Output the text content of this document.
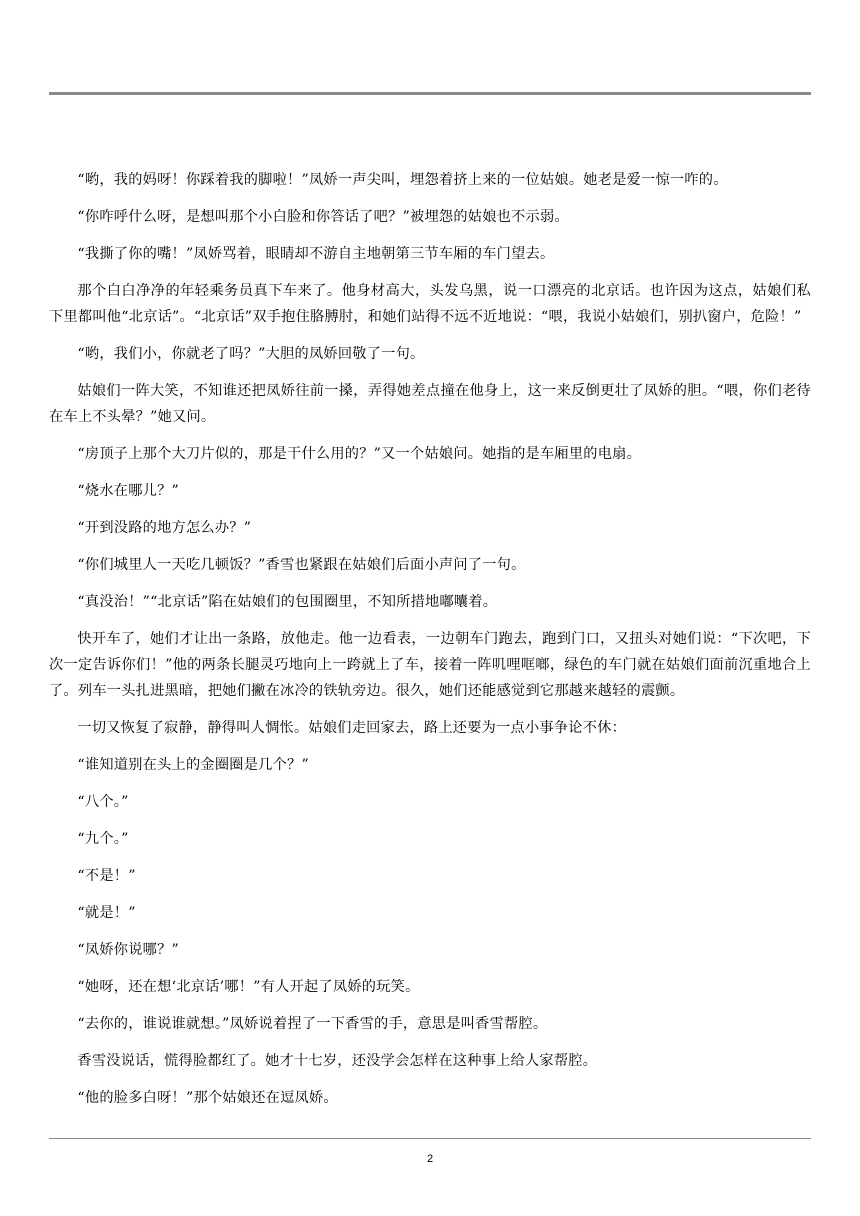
“哟，我的妈呀！你踩着我的脚啦！”凤娇一声尖叫，埋怨着挤上来的一位姑娘。她老是爱一惊一咋的。

“你咋呼什么呀，是想叫那个小白脸和你答话了吧？”被埋怨的姑娘也不示弱。

“我撕了你的嘴！”凤娇骂着，眼睛却不游自主地朝第三节车厢的车门望去。

那个白白净净的年轻乘务员真下车来了。他身材高大，头发乌黑，说一口漂亮的北京话。也许因为这点，姑娘们私下里都叫他“北京话”。“北京话”双手抱住胳膊肘，和她们站得不远不近地说：“喂，我说小姑娘们，别扒窗户，危险！”

“哟，我们小，你就老了吗？”大胆的凤娇回敬了一句。

姑娘们一阵大笑，不知谁还把凤娇往前一搡，弄得她差点撞在他身上，这一来反倒更壮了凤娇的胆。“喂，你们老待在车上不头晕？”她又问。

“房顶子上那个大刀片似的，那是干什么用的？”又一个姑娘问。她指的是车厢里的电扇。

“烧水在哪儿？”

“开到没路的地方怎么办？”

“你们城里人一天吃几顿饭？”香雪也紧跟在姑娘们后面小声问了一句。

“真没治！”“北京话”陷在姑娘们的包围圈里，不知所措地嘟囔着。

快开车了，她们才让出一条路，放他走。他一边看表，一边朝车门跑去，跑到门口，又扭头对她们说：“下次吧，下次一定告诉你们！”他的两条长腿灵巧地向上一跨就上了车，接着一阵叽哩哐啷，绿色的车门就在姑娘们面前沉重地合上了。列车一头扎进黑暗，把她们撇在冰冷的铁轨旁边。很久，她们还能感觉到它那越来越轻的震颤。

一切又恢复了寂静，静得叫人惆怅。姑娘们走回家去，路上还要为一点小事争论不休：

“谁知道别在头上的金圈圈是几个？”

“八个。”

“九个。”

“不是！”

“就是！”

“凤娇你说哪？”

“她呀，还在想‘北京话’哪！”有人开起了凤娇的玩笑。

“去你的，谁说谁就想。”凤娇说着捏了一下香雪的手，意思是叫香雪帮腔。

香雪没说话，慌得脸都红了。她才十七岁，还没学会怎样在这种事上给人家帮腔。

“他的脸多白呀！”那个姑娘还在逗凤娇。

2
